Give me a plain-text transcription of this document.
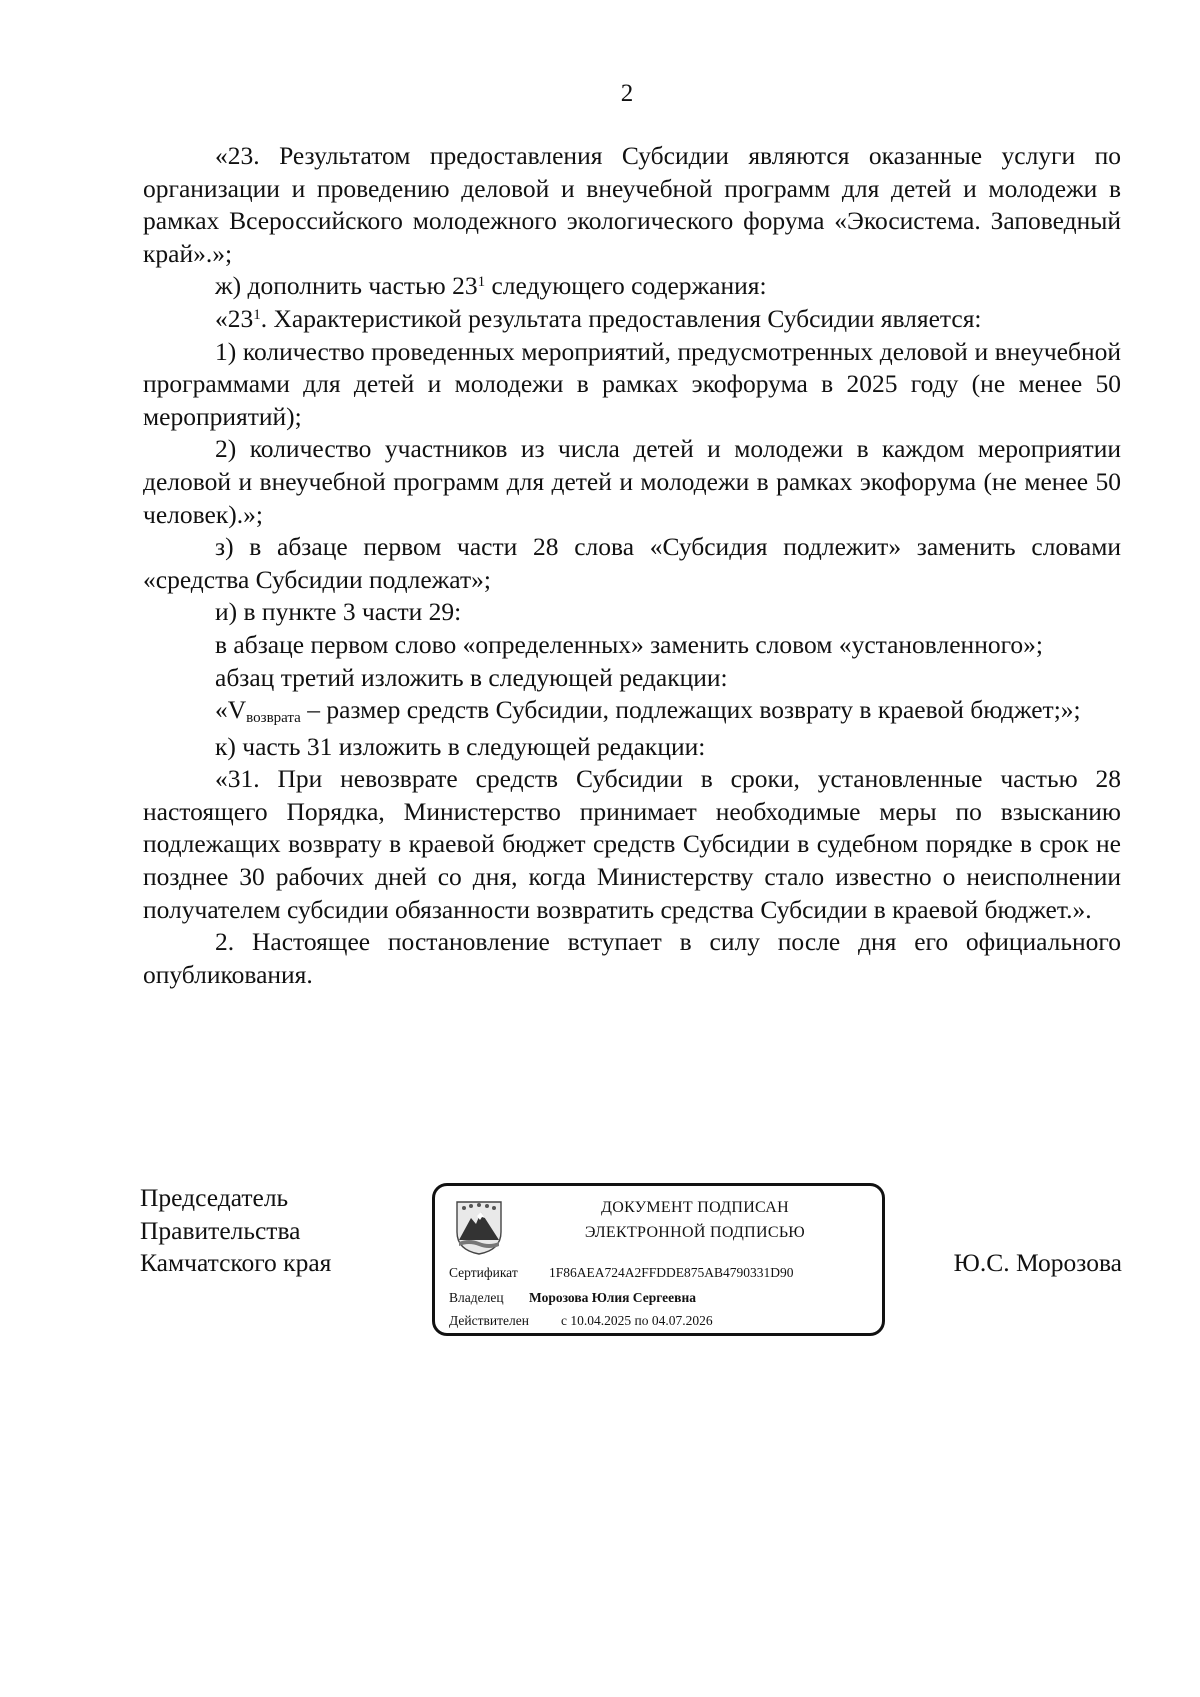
2

«23. Результатом предоставления Субсидии являются оказанные услуги по организации и проведению деловой и внеучебной программ для детей и молодежи в рамках Всероссийского молодежного экологического форума «Экосистема. Заповедный край».»;

ж) дополнить частью $23^1$ следующего содержания:

«$23^1$. Характеристикой результата предоставления Субсидии является:

1) количество проведенных мероприятий, предусмотренных деловой и внеучебной программами для детей и молодежи в рамках экофорума в 2025 году (не менее 50 мероприятий);

2) количество участников из числа детей и молодежи в каждом мероприятии деловой и внеучебной программ для детей и молодежи в рамках экофорума (не менее 50 человек).»;

з) в абзаце первом части 28 слова «Субсидия подлежит» заменить словами «средства Субсидии подлежат»;

и) в пункте 3 части 29:

в абзаце первом слово «определенных» заменить словом «установленного»;

абзац третий изложить в следующей редакции:

«$V_{возврата}$ – размер средств Субсидии, подлежащих возврату в краевой бюджет;»;

к) часть 31 изложить в следующей редакции:

«31. При невозврате средств Субсидии в сроки, установленные частью 28 настоящего Порядка, Министерство принимает необходимые меры по взысканию подлежащих возврату в краевой бюджет средств Субсидии в судебном порядке в срок не позднее 30 рабочих дней со дня, когда Министерству стало известно о неисполнении получателем субсидии обязанности возвратить средства Субсидии в краевой бюджет.».

2. Настоящее постановление вступает в силу после дня его официального опубликования.

Председатель
Правительства
Камчатского края
ДОКУМЕНТ ПОДПИСАН
ЭЛЕКТРОННОЙ ПОДПИСЬЮ
Сертификат 1F86AEA724A2FFDDE875AB4790331D90
Владелец Морозова Юлия Сергеевна
Действителен с 10.04.2025 по 04.07.2026
Ю.С. Морозова
